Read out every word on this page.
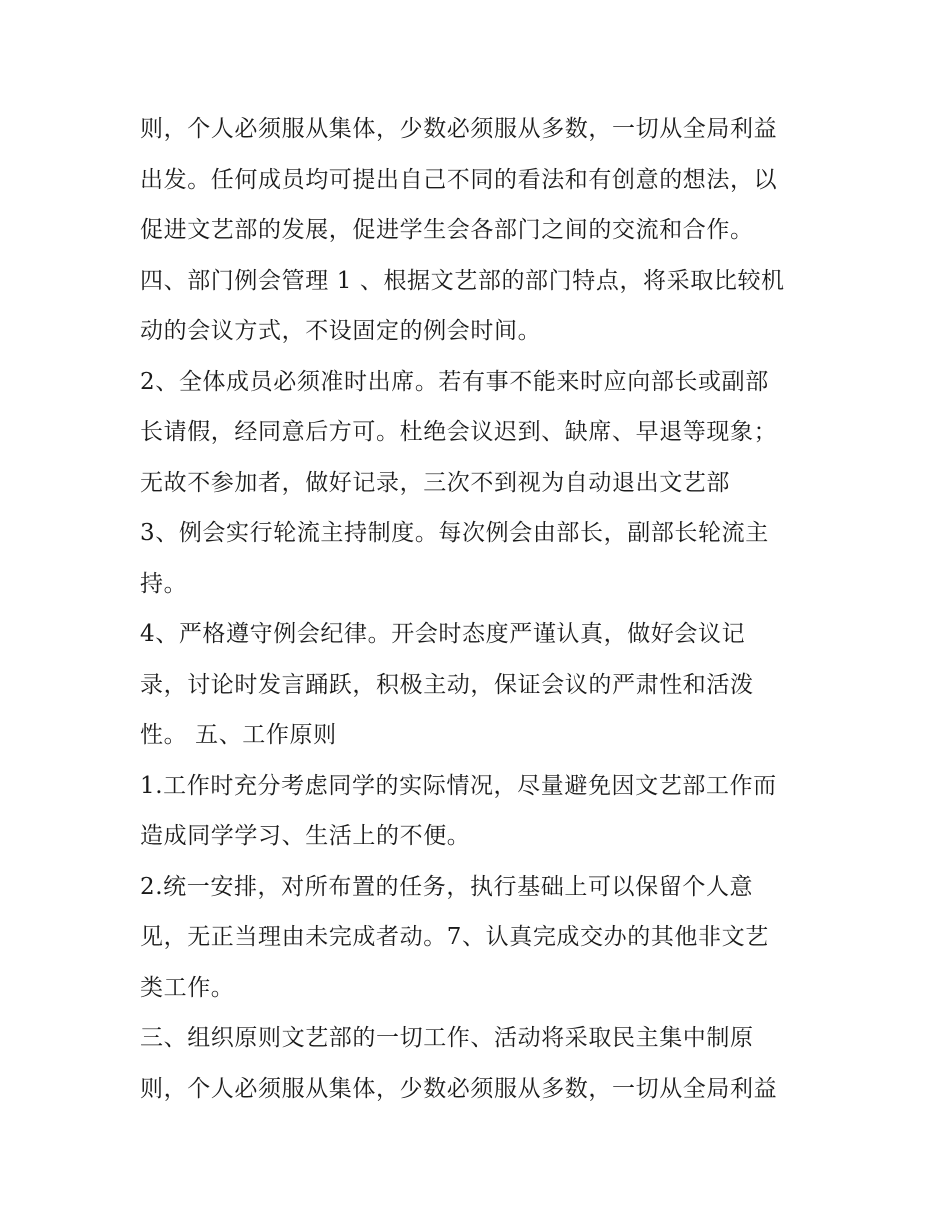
则，个人必须服从集体，少数必须服从多数，一切从全局利益
出发。任何成员均可提出自己不同的看法和有创意的想法，以
促进文艺部的发展，促进学生会各部门之间的交流和合作。
四、部门例会管理 1 、根据文艺部的部门特点，将采取比较机
动的会议方式，不设固定的例会时间。
2、全体成员必须准时出席。若有事不能来时应向部长或副部
长请假，经同意后方可。杜绝会议迟到、缺席、早退等现象；
无故不参加者，做好记录，三次不到视为自动退出文艺部
3、例会实行轮流主持制度。每次例会由部长，副部长轮流主
持。
4、严格遵守例会纪律。开会时态度严谨认真，做好会议记
录，讨论时发言踊跃，积极主动，保证会议的严肃性和活泼
性。 五、工作原则
1.工作时充分考虑同学的实际情况，尽量避免因文艺部工作而
造成同学学习、生活上的不便。
2.统一安排，对所布置的任务，执行基础上可以保留个人意
见，无正当理由未完成者动。7、认真完成交办的其他非文艺
类工作。
三、组织原则文艺部的一切工作、活动将采取民主集中制原
则，个人必须服从集体，少数必须服从多数，一切从全局利益
